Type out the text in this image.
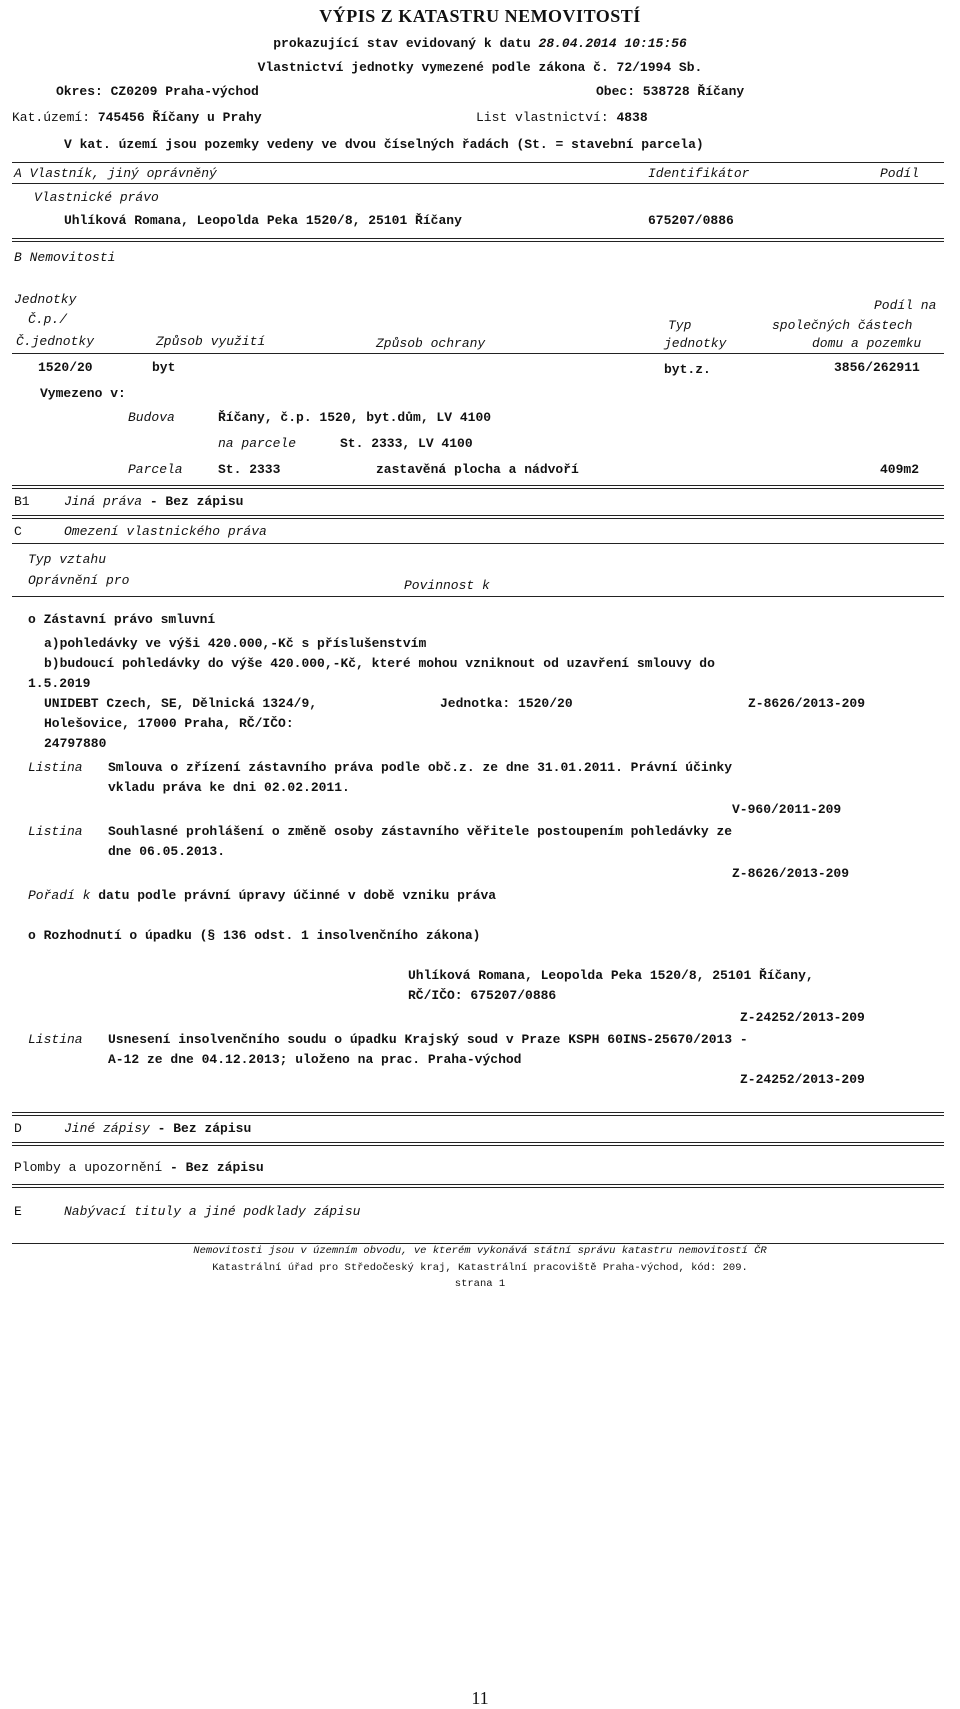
VÝPIS Z KATASTRU NEMOVITOSTÍ
prokazující stav evidovaný k datu 28.04.2014 10:15:56
Vlastnictví jednotky vymezené podle zákona č. 72/1994 Sb.
Okres: CZ0209 Praha-východ	Obec: 538728 Říčany
Kat.území: 745456 Říčany u Prahy	List vlastnictví: 4838
V kat. území jsou pozemky vedeny ve dvou číselných řadách (St. = stavební parcela)
A Vlastník, jiný oprávněný	Identifikátor	Podíl
Vlastnické právo
Uhlíková Romana, Leopolda Peka 1520/8, 25101 Říčany	675207/0886
B Nemovitosti
Jednotky	Podíl na
Č.p./	Typ	společných částech
Č.jednotky	Způsob využití	Způsob ochrany	jednotky	domu a pozemku
1520/20	byt	byt.z.	3856/262911
Vymezeno v:
Budova	Říčany, č.p. 1520, byt.dům, LV 4100
na parcele	St. 2333, LV 4100
Parcela	St. 2333	zastavěná plocha a nádvoří	409m2
B1	Jiná práva - Bez zápisu
C	Omezení vlastnického práva
Typ vztahu
Oprávnění pro	Povinnost k
o Zástavní právo smluvní
a)pohledávky ve výši 420.000,-Kč s příslušenstvím
b)budoucí pohledávky do výše 420.000,-Kč, které mohou vzniknout od uzavření smlouvy do
1.5.2019
UNIDEBT Czech, SE, Dělnická 1324/9,	Jednotka: 1520/20	Z-8626/2013-209
Holešovice, 17000 Praha, RČ/IČO:
24797880
Listina Smlouva o zřízení zástavního práva podle obč.z. ze dne 31.01.2011. Právní účinky
vkladu práva ke dni 02.02.2011.
V-960/2011-209
Listina Souhlasné prohlášení o změně osoby zástavního věřitele postoupením pohledávky ze
dne 06.05.2013.
Z-8626/2013-209
Pořadí k datu podle právní úpravy účinné v době vzniku práva
o Rozhodnutí o úpadku (§ 136 odst. 1 insolvenčního zákona)
Uhlíková Romana, Leopolda Peka 1520/8, 25101 Říčany,
RČ/IČO: 675207/0886
Z-24252/2013-209
Listina Usnesení insolvenčního soudu o úpadku Krajský soud v Praze KSPH 60INS-25670/2013 -
A-12 ze dne 04.12.2013; uloženo na prac. Praha-východ
Z-24252/2013-209
D	Jiné zápisy - Bez zápisu
Plomby a upozornění - Bez zápisu
E	Nabývací tituly a jiné podklady zápisu
Nemovitosti jsou v územním obvodu, ve kterém vykonává státní správu katastru nemovitostí ČR
Katastrální úřad pro Středočeský kraj, Katastrální pracoviště Praha-východ, kód: 209.
strana 1
11
